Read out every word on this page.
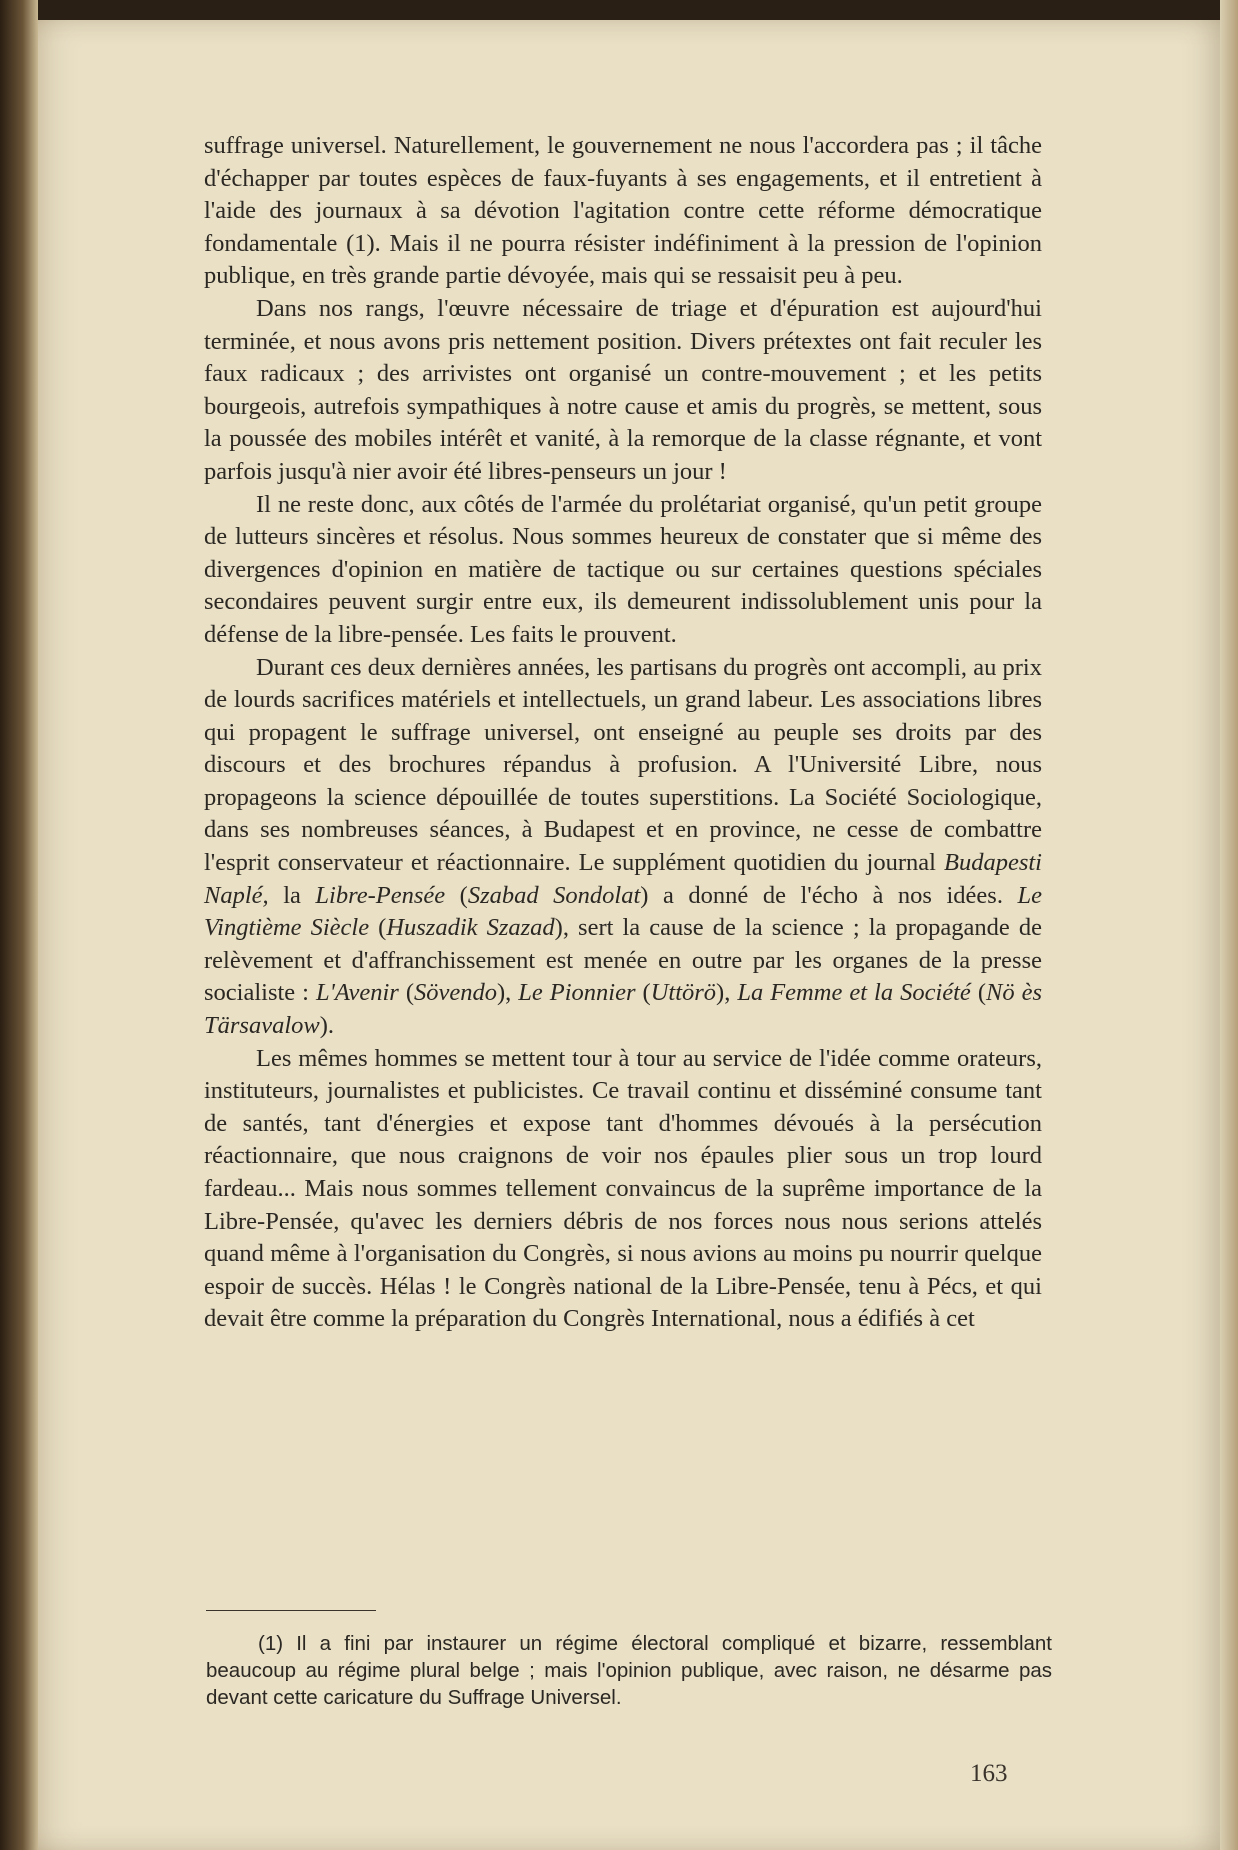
suffrage universel. Naturellement, le gouvernement ne nous l'accordera pas ; il tâche d'échapper par toutes espèces de faux-fuyants à ses engagements, et il entretient à l'aide des journaux à sa dévotion l'agitation contre cette réforme démocratique fondamentale (1). Mais il ne pourra résister indéfiniment à la pression de l'opinion publique, en très grande partie dévoyée, mais qui se ressaisit peu à peu.

Dans nos rangs, l'œuvre nécessaire de triage et d'épuration est aujourd'hui terminée, et nous avons pris nettement position. Divers prétextes ont fait reculer les faux radicaux ; des arrivistes ont organisé un contre-mouvement ; et les petits bourgeois, autrefois sympathiques à notre cause et amis du progrès, se mettent, sous la poussée des mobiles intérêt et vanité, à la remorque de la classe régnante, et vont parfois jusqu'à nier avoir été libres-penseurs un jour !

Il ne reste donc, aux côtés de l'armée du prolétariat organisé, qu'un petit groupe de lutteurs sincères et résolus. Nous sommes heureux de constater que si même des divergences d'opinion en matière de tactique ou sur certaines questions spéciales secondaires peuvent surgir entre eux, ils demeurent indissolublement unis pour la défense de la libre-pensée. Les faits le prouvent.

Durant ces deux dernières années, les partisans du progrès ont accompli, au prix de lourds sacrifices matériels et intellectuels, un grand labeur. Les associations libres qui propagent le suffrage universel, ont enseigné au peuple ses droits par des discours et des brochures répandus à profusion. A l'Université Libre, nous propageons la science dépouillée de toutes superstitions. La Société Sociologique, dans ses nombreuses séances, à Budapest et en province, ne cesse de combattre l'esprit conservateur et réactionnaire. Le supplément quotidien du journal Budapesti Naplé, la Libre-Pensée (Szabad Sondolat) a donné de l'écho à nos idées. Le Vingtième Siècle (Huszadik Szazad), sert la cause de la science ; la propagande de relèvement et d'affranchissement est menée en outre par les organes de la presse socialiste : L'Avenir (Sövendo), Le Pionnier (Uttörö), La Femme et la Société (Nö ès Tärsavalow).

Les mêmes hommes se mettent tour à tour au service de l'idée comme orateurs, instituteurs, journalistes et publicistes. Ce travail continu et disséminé consume tant de santés, tant d'énergies et expose tant d'hommes dévoués à la persécution réactionnaire, que nous craignons de voir nos épaules plier sous un trop lourd fardeau... Mais nous sommes tellement convaincus de la suprême importance de la Libre-Pensée, qu'avec les derniers débris de nos forces nous nous serions attelés quand même à l'organisation du Congrès, si nous avions au moins pu nourrir quelque espoir de succès. Hélas ! le Congrès national de la Libre-Pensée, tenu à Pécs, et qui devait être comme la préparation du Congrès International, nous a édifiés à cet

(1) Il a fini par instaurer un régime électoral compliqué et bizarre, ressemblant beaucoup au régime plural belge ; mais l'opinion publique, avec raison, ne désarme pas devant cette caricature du Suffrage Universel.

163
